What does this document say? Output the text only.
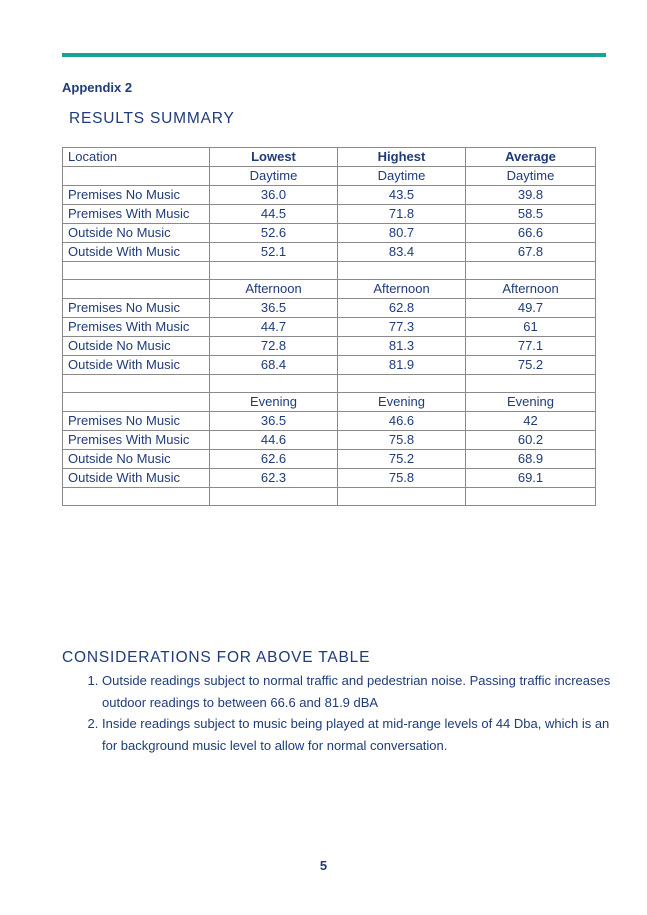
Appendix 2
RESULTS SUMMARY
Location	Lowest	Highest	Average
	Daytime	Daytime	Daytime
Premises No Music	36.0	43.5	39.8
Premises With Music	44.5	71.8	58.5
Outside No Music	52.6	80.7	66.6
Outside With Music	52.1	83.4	67.8

	Afternoon	Afternoon	Afternoon
Premises No Music	36.5	62.8	49.7
Premises With Music	44.7	77.3	61
Outside No Music	72.8	81.3	77.1
Outside With Music	68.4	81.9	75.2

	Evening	Evening	Evening
Premises No Music	36.5	46.6	42
Premises With Music	44.6	75.8	60.2
Outside No Music	62.6	75.2	68.9
Outside With Music	62.3	75.8	69.1

CONSIDERATIONS FOR ABOVE TABLE
1. Outside readings subject to normal traffic and pedestrian noise. Passing traffic increases outdoor readings to between 66.6 and 81.9 dBA
2. Inside readings subject to music being played at mid-range levels of 44 Dba, which is an for background music level to allow for normal conversation.
5
